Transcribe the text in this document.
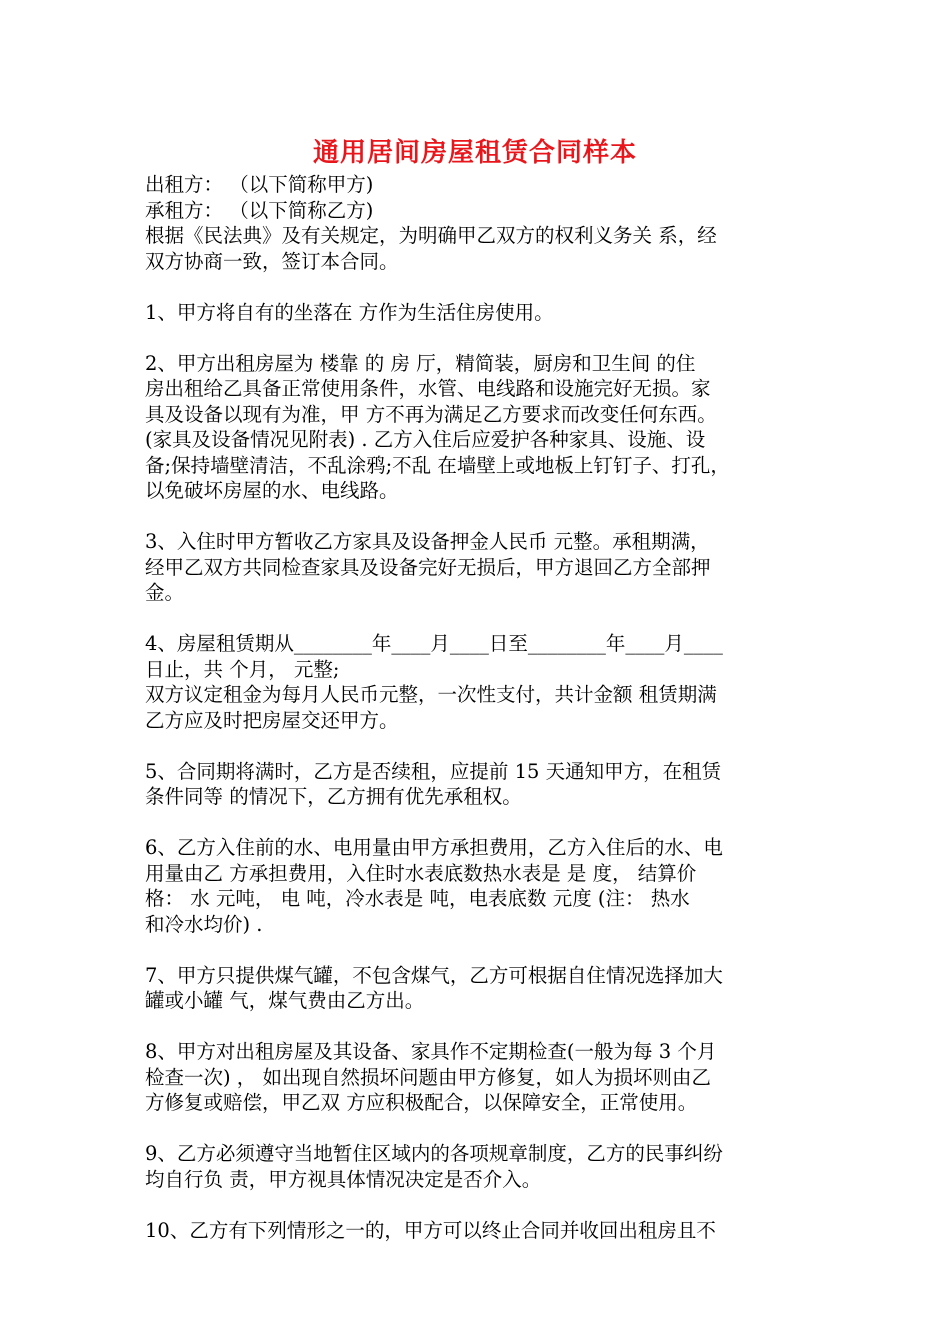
通用居间房屋租赁合同样本
出租方： （以下简称甲方)
承租方： （以下简称乙方)
根据《民法典》及有关规定，为明确甲乙双方的权利义务关 系，经
双方协商一致，签订本合同。
1、甲方将自有的坐落在 方作为生活住房使用。
2、甲方出租房屋为 楼靠 的 房 厅，精简装，厨房和卫生间 的住
房出租给乙具备正常使用条件，水管、电线路和设施完好无损。家
具及设备以现有为准，甲 方不再为满足乙方要求而改变任何东西。
(家具及设备情况见附表) . 乙方入住后应爱护各种家具、设施、设
备;保持墙壁清洁，不乱涂鸦;不乱 在墙壁上或地板上钉钉子、打孔，
以免破坏房屋的水、电线路。
3、入住时甲方暂收乙方家具及设备押金人民币 元整。承租期满，
经甲乙双方共同检查家具及设备完好无损后，甲方退回乙方全部押
金。
4、房屋租赁期从________年____月____日至________年____月____
日止，共 个月， 元整;
双方议定租金为每月人民币元整，一次性支付，共计金额 租赁期满
乙方应及时把房屋交还甲方。
5、合同期将满时，乙方是否续租，应提前 15 天通知甲方，在租赁
条件同等 的情况下，乙方拥有优先承租权。
6、乙方入住前的水、电用量由甲方承担费用，乙方入住后的水、电
用量由乙 方承担费用，入住时水表底数热水表是 是 度， 结算价
格： 水 元吨， 电 吨，冷水表是 吨，电表底数 元度 (注： 热水
和冷水均价) .
7、甲方只提供煤气罐，不包含煤气，乙方可根据自住情况选择加大
罐或小罐 气，煤气费由乙方出。
8、甲方对出租房屋及其设备、家具作不定期检查(一般为每 3 个月
检查一次) ， 如出现自然损坏问题由甲方修复，如人为损坏则由乙
方修复或赔偿，甲乙双 方应积极配合，以保障安全，正常使用。
9、乙方必须遵守当地暂住区域内的各项规章制度，乙方的民事纠纷
均自行负 责，甲方视具体情况决定是否介入。
10、乙方有下列情形之一的，甲方可以终止合同并收回出租房且不
